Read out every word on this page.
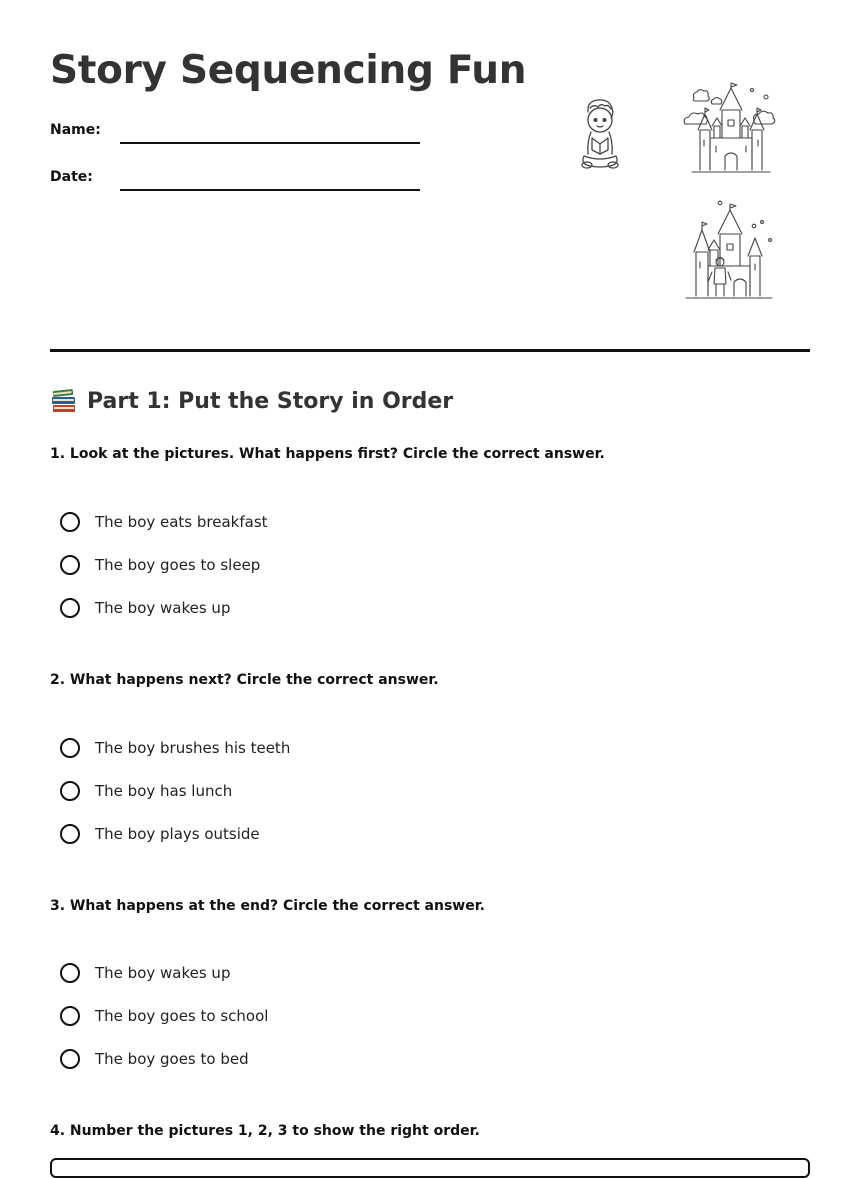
Story Sequencing Fun
Name:
Date:
Part 1: Put the Story in Order

1. Look at the pictures. What happens first? Circle the correct answer.

The boy eats breakfast
The boy goes to sleep
The boy wakes up

2. What happens next? Circle the correct answer.

The boy brushes his teeth
The boy has lunch
The boy plays outside

3. What happens at the end? Circle the correct answer.

The boy wakes up
The boy goes to school
The boy goes to bed

4. Number the pictures 1, 2, 3 to show the right order.
